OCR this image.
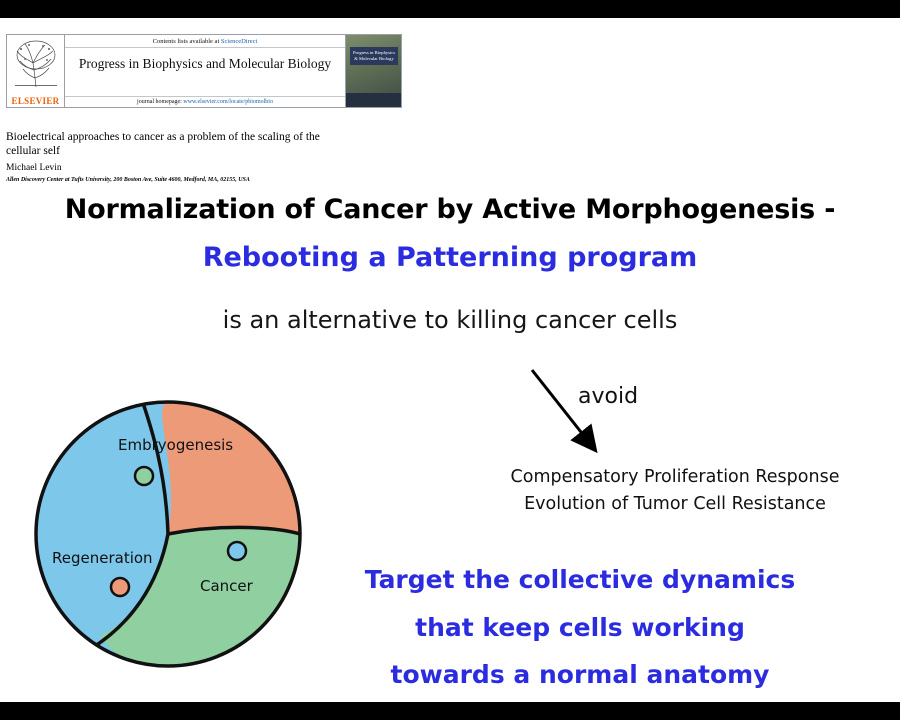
ELSEVIER
Contents lists available at ScienceDirect
Progress in Biophysics and Molecular Biology
journal homepage: www.elsevier.com/locate/pbiomolbio
Progress in Biophysics & Molecular Biology
Bioelectrical approaches to cancer as a problem of the scaling of the cellular self
Michael Levin
Allen Discovery Center at Tufts University, 200 Boston Ave, Suite 4600, Medford, MA, 02155, USA
Normalization of Cancer by Active Morphogenesis -
Rebooting a Patterning program
is an alternative to killing cancer cells
avoid
Compensatory Proliferation Response
Evolution of Tumor Cell Resistance
Target the collective dynamics
that keep cells working
towards a normal anatomy
Embryogenesis
Regeneration
Cancer
